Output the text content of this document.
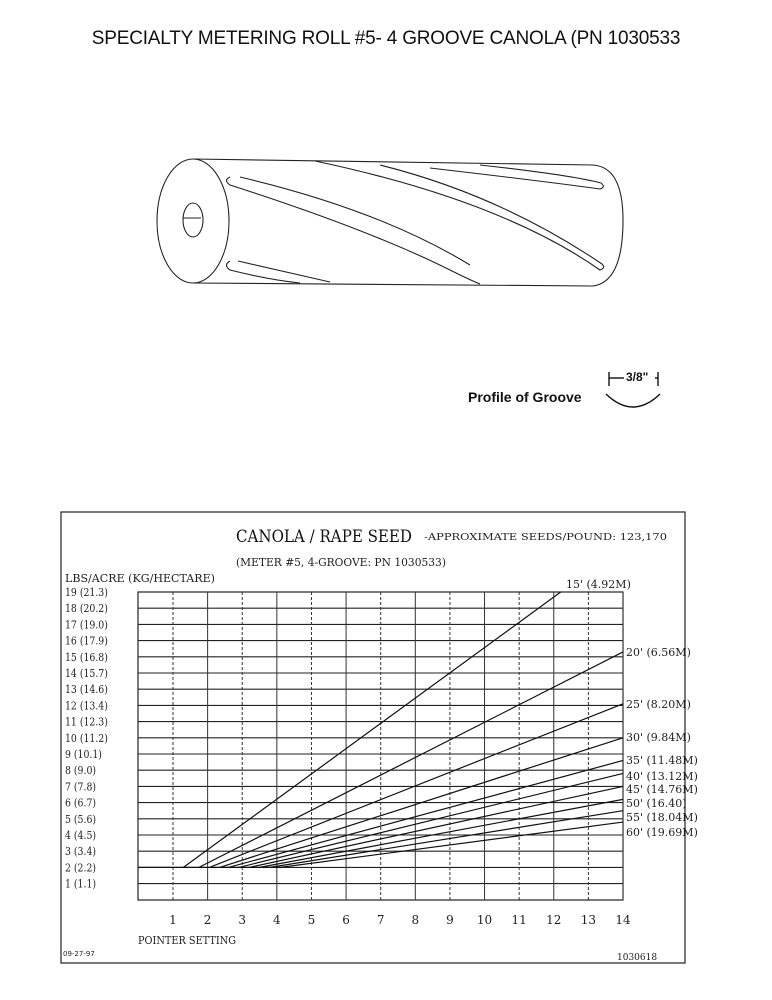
SPECIALTY METERING ROLL #5- 4 GROOVE CANOLA (PN 1030533
Profile of Groove
3/8"
19 (21.3)
18 (20.2)
17 (19.0)
16 (17.9)
15 (16.8)
14 (15.7)
13 (14.6)
12 (13.4)
11 (12.3)
10 (11.2)
9 (10.1)
8 (9.0)
7 (7.8)
6 (6.7)
5 (5.6)
4 (4.5)
3 (3.4)
2 (2.2)
1 (1.1)
1 2 3 4 5 6 7 8 9 10 11 12 13 14
15' (4.92M)
20' (6.56M)
25' (8.20M)
30' (9.84M)
35' (11.48M)
40' (13.12M)
45' (14.76M)
50' (16.40)
55' (18.04M)
60' (19.69M)
CANOLA / RAPE SEED -APPROXIMATE SEEDS/POUND: 123,170
(METER #5, 4-GROOVE: PN 1030533)
LBS/ACRE (KG/HECTARE)
POINTER SETTING
09-27-97	1030618
